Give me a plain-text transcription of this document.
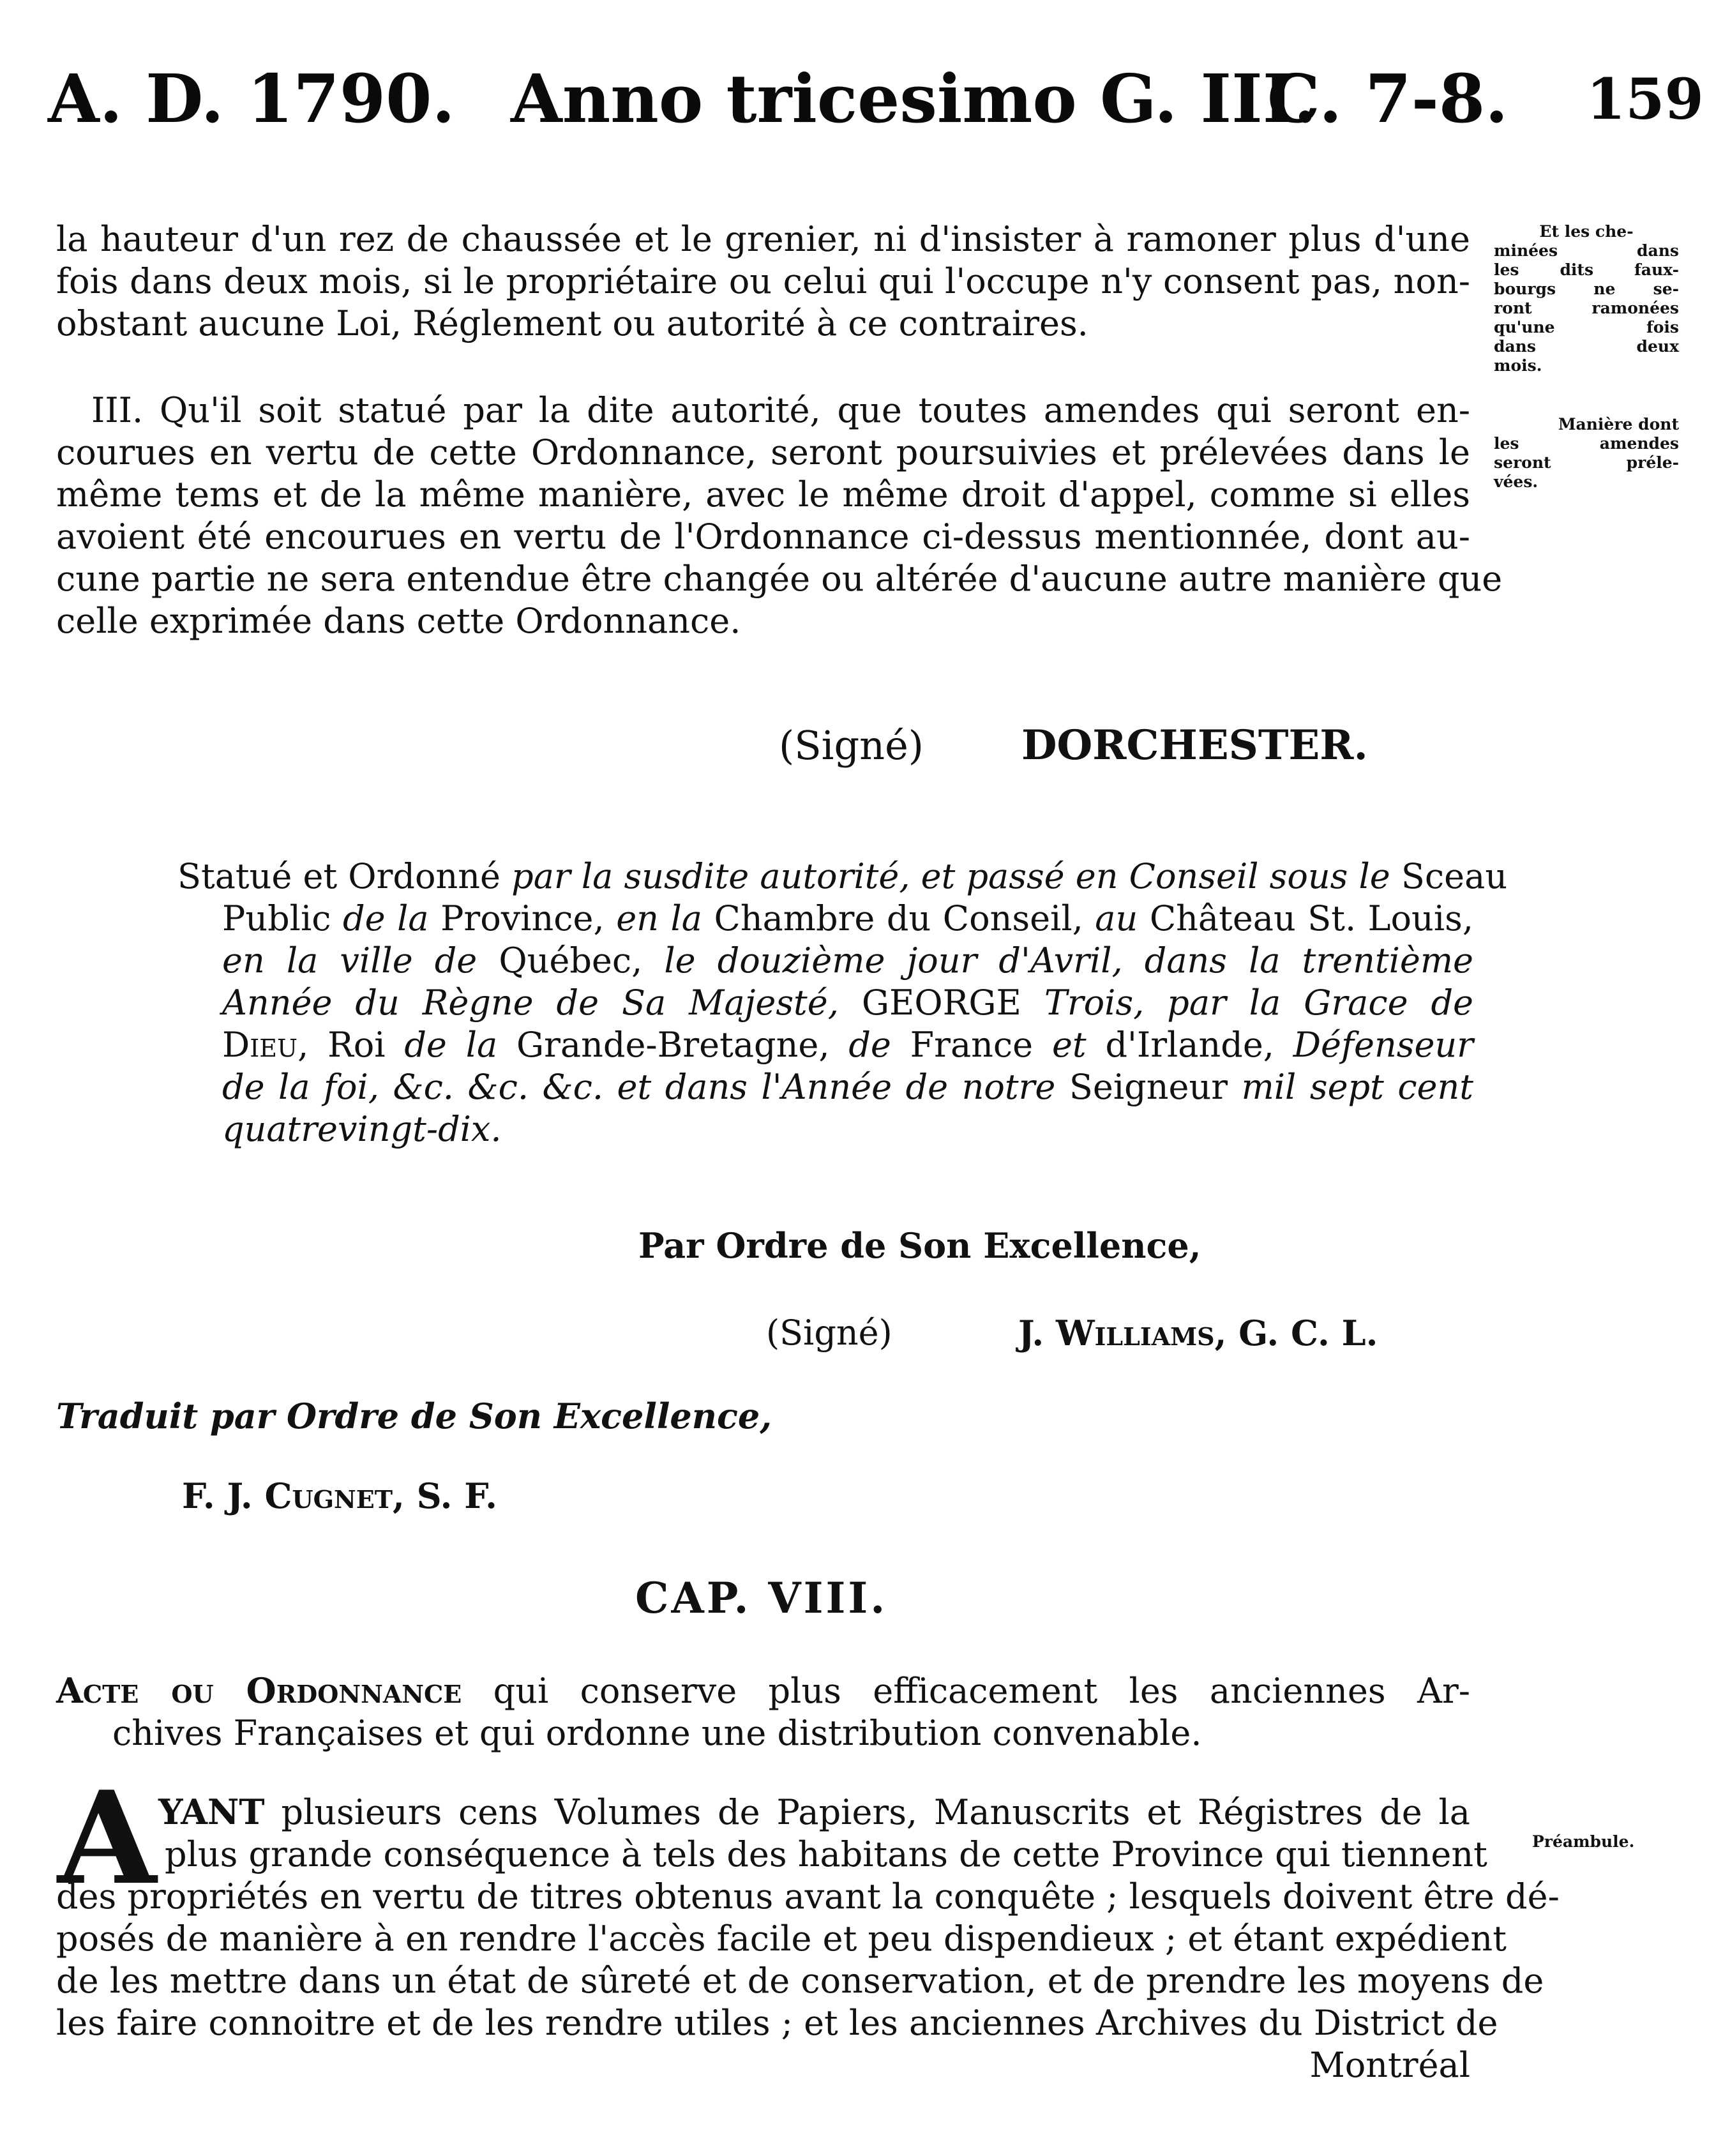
A. D. 1790. Anno tricesimo G. III.
C. 7-8. 159
la hauteur d'un rez de chaussée et le grenier, ni d'insister à ramoner plus d'une
fois dans deux mois, si le propriétaire ou celui qui l'occupe n'y consent pas, non-
obstant aucune Loi, Réglement ou autorité à ce contraires.
III. Qu'il soit statué par la dite autorité, que toutes amendes qui seront en-
courues en vertu de cette Ordonnance, seront poursuivies et prélevées dans le
même tems et de la même manière, avec le même droit d'appel, comme si elles
avoient été encourues en vertu de l'Ordonnance ci-dessus mentionnée, dont au-
cune partie ne sera entendue être changée ou altérée d'aucune autre manière que
celle exprimée dans cette Ordonnance.
Et les che-
minées dans
les dits faux-
bourgs ne se-
ront ramonées
qu'une fois
dans deux
mois.
Manière dont
les amendes
seront préle-
vées.
Préambule.
(Signé) DORCHESTER.
Statué et Ordonné par la susdite autorité, et passé en Conseil sous le Sceau
Public de la Province, en la Chambre du Conseil, au Château St. Louis,
en la ville de Québec, le douzième jour d'Avril, dans la trentième
Année du Règne de Sa Majesté, GEORGE Trois, par la Grace de
Dieu, Roi de la Grande-Bretagne, de France et d'Irlande, Défenseur
de la foi, &c. &c. &c. et dans l'Année de notre Seigneur mil sept cent
quatrevingt-dix.
Par Ordre de Son Excellence,
(Signé)	J. Williams, G. C. L.
Traduit par Ordre de Son Excellence,
F. J. Cugnet, S. F.
CAP. VIII.
Acte ou Ordonnance qui conserve plus efficacement les anciennes Ar-
chives Françaises et qui ordonne une distribution convenable.
A YANT plusieurs cens Volumes de Papiers, Manuscrits et Régistres de la
plus grande conséquence à tels des habitans de cette Province qui tiennent
des propriétés en vertu de titres obtenus avant la conquête ; lesquels doivent être dé-
posés de manière à en rendre l'accès facile et peu dispendieux ; et étant expédient
de les mettre dans un état de sûreté et de conservation, et de prendre les moyens de
les faire connoitre et de les rendre utiles ; et les anciennes Archives du District de
Montréal
